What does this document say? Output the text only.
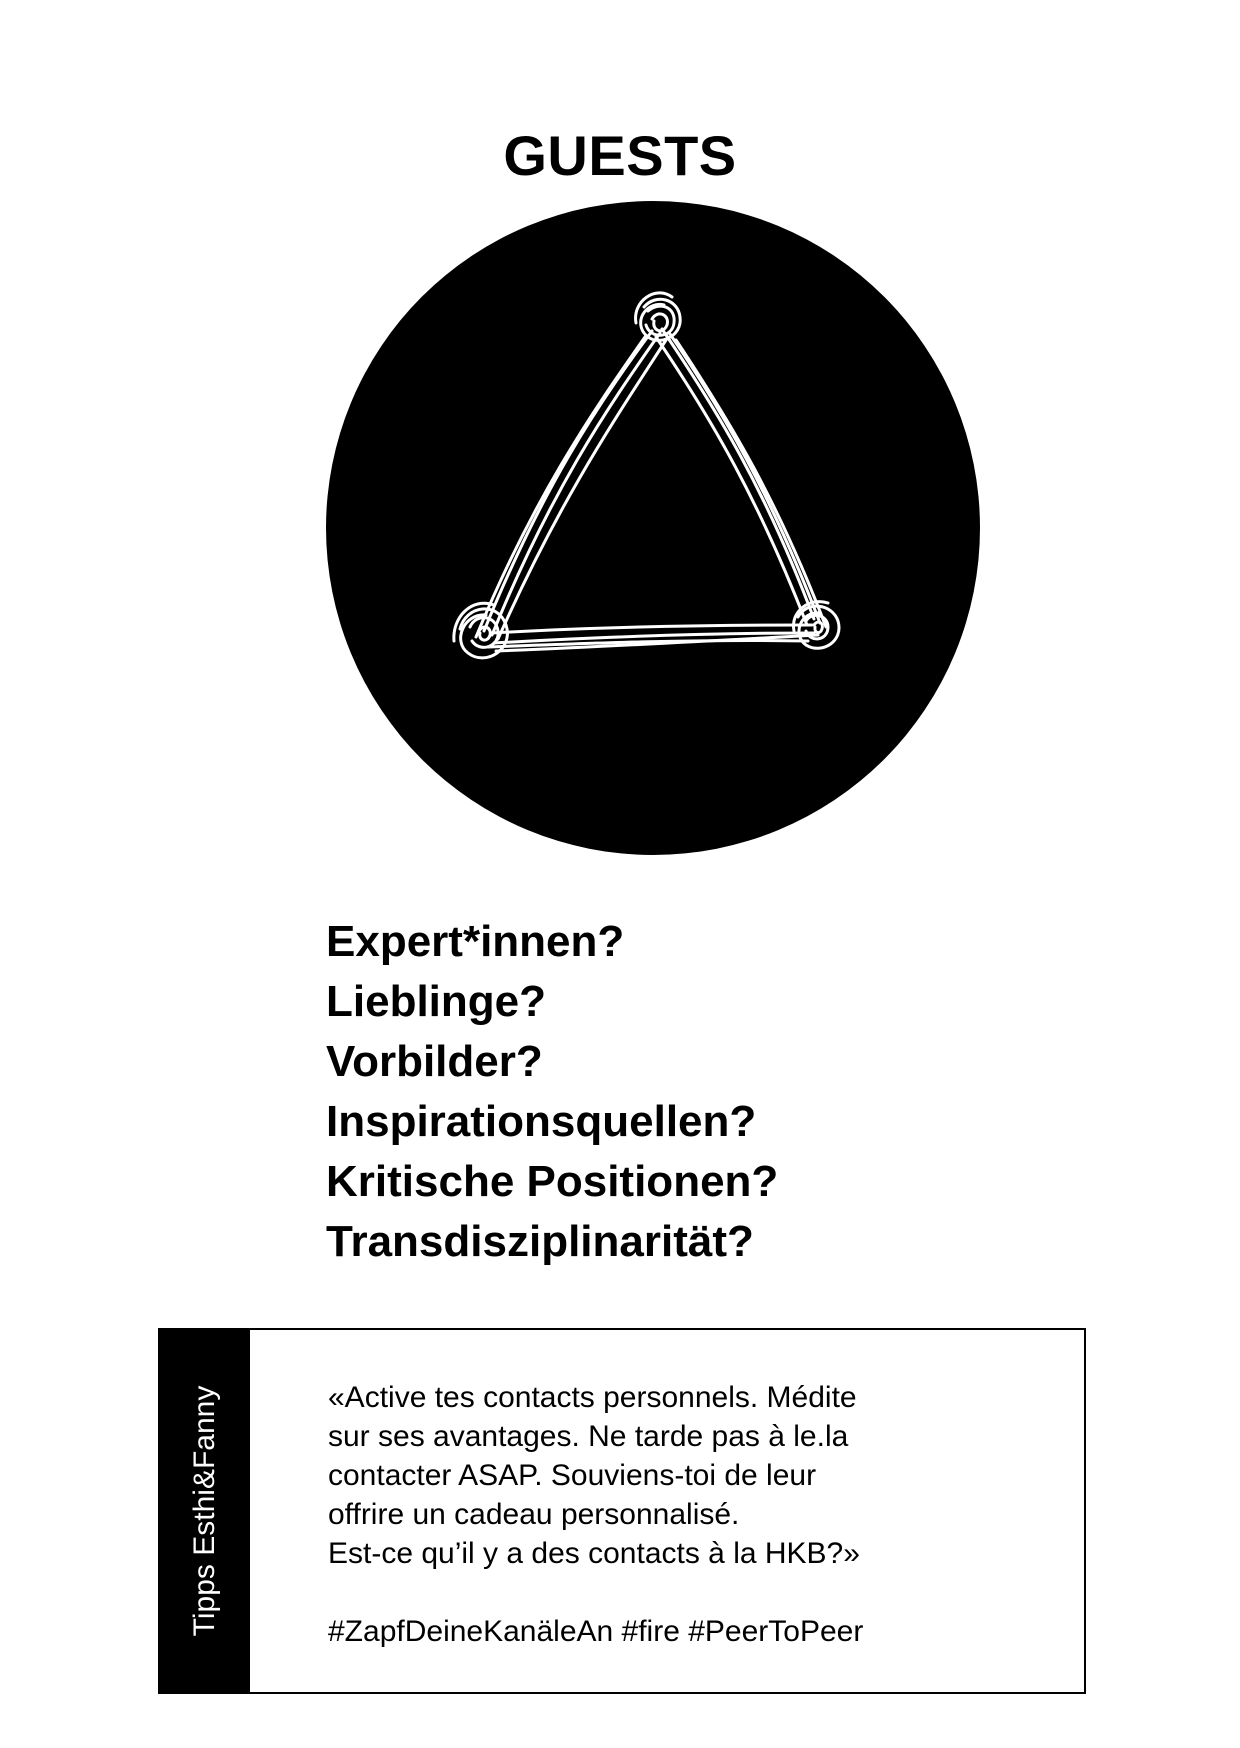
GUESTS
Expert*innen?
Lieblinge?
Vorbilder?
Inspirationsquellen?
Kritische Positionen?
Transdisziplinarität?
Tipps Esthi&Fanny	«Active tes contacts personnels. Médite
sur ses avantages. Ne tarde pas à le.la
contacter ASAP. Souviens-toi de leur
offrire un cadeau personnalisé.
Est-ce qu’il y a des contacts à la HKB?»
#ZapfDeineKanäleAn #fire #PeerToPeer
